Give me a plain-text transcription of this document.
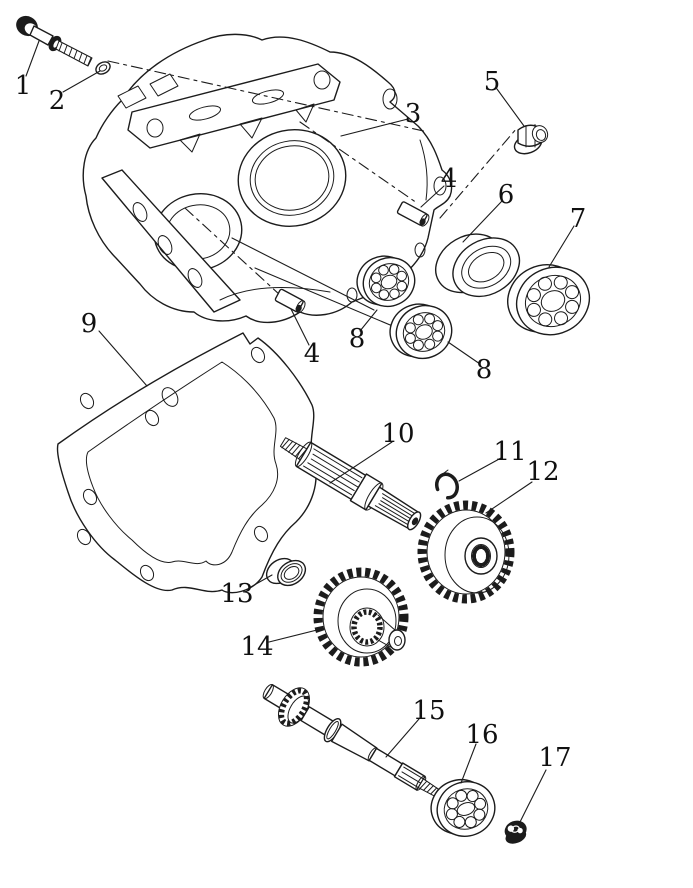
1 2	3
4
5
6
7
8
8
4
9
10
11
12
13
14
15
16
17
